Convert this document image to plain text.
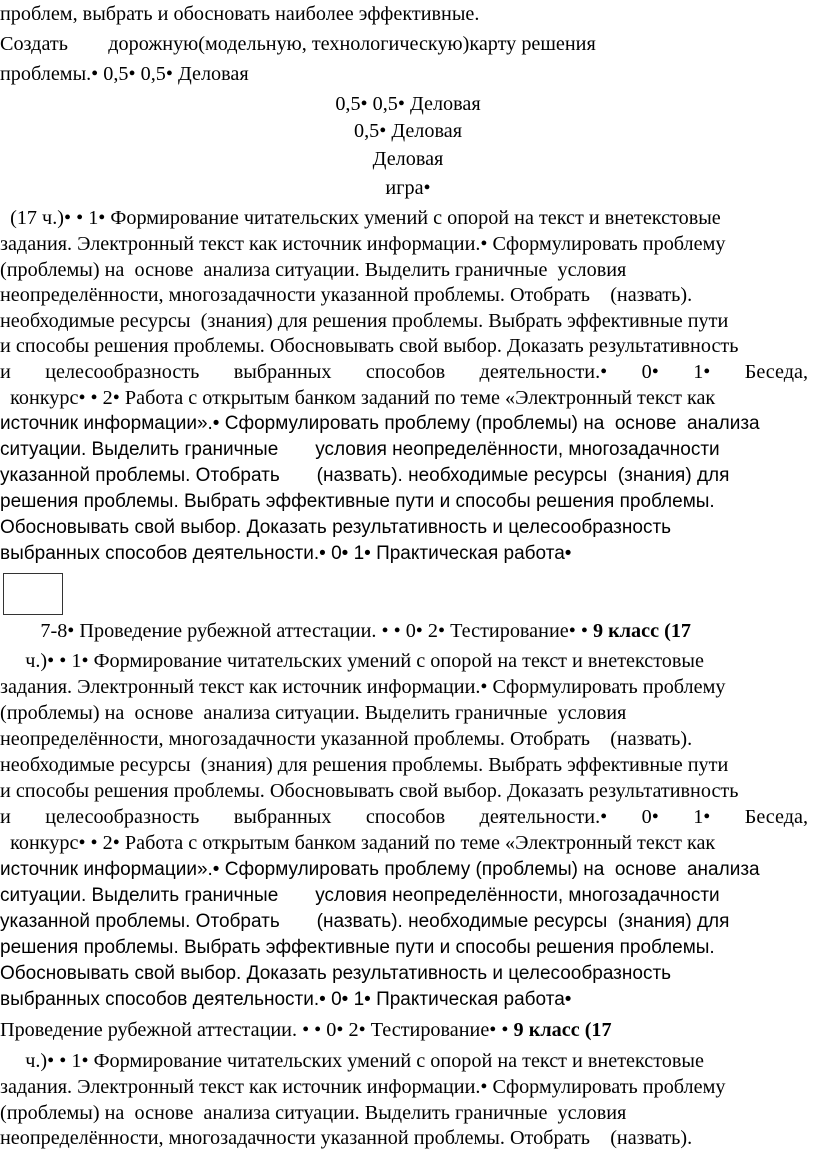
проблем, выбрать и обосновать наиболее эффективные.
Создать        дорожную(модельную, технологическую)карту решения
проблемы.• 0,5• 0,5• Деловая
0,5• 0,5• Деловая
0,5• Деловая
Деловая
игра•
(17 ч.)• • 1• Формирование читательских умений с опорой на текст и внетекстовые
задания. Электронный текст как источник информации.• Сформулировать проблему
(проблемы) на  основе  анализа ситуации. Выделить граничные  условия
неопределённости, многозадачности указанной проблемы. Отобрать    (назвать).
необходимые ресурсы  (знания) для решения проблемы. Выбрать эффективные пути
и способы решения проблемы. Обосновывать свой выбор. Доказать результативность
и целесообразность выбранных способов деятельности.• 0• 1• Беседа,
конкурс• • 2• Работа с открытым банком заданий по теме «Электронный текст как
источник информации».• Сформулировать проблему (проблемы) на  основе  анализа
ситуации. Выделить граничные       условия неопределённости, многозадачности
указанной проблемы. Отобрать       (назвать). необходимые ресурсы  (знания) для
решения проблемы. Выбрать эффективные пути и способы решения проблемы.
Обосновывать свой выбор. Доказать результативность и целесообразность
выбранных способов деятельности.• 0• 1• Практическая работа•
7-8• Проведение рубежной аттестации. • • 0• 2• Тестирование• • 9 класс (17
ч.)• • 1• Формирование читательских умений с опорой на текст и внетекстовые
задания. Электронный текст как источник информации.• Сформулировать проблему
(проблемы) на  основе  анализа ситуации. Выделить граничные  условия
неопределённости, многозадачности указанной проблемы. Отобрать    (назвать).
необходимые ресурсы  (знания) для решения проблемы. Выбрать эффективные пути
и способы решения проблемы. Обосновывать свой выбор. Доказать результативность
и целесообразность выбранных способов деятельности.• 0• 1• Беседа,
конкурс• • 2• Работа с открытым банком заданий по теме «Электронный текст как
источник информации».• Сформулировать проблему (проблемы) на  основе  анализа
ситуации. Выделить граничные       условия неопределённости, многозадачности
указанной проблемы. Отобрать       (назвать). необходимые ресурсы  (знания) для
решения проблемы. Выбрать эффективные пути и способы решения проблемы.
Обосновывать свой выбор. Доказать результативность и целесообразность
выбранных способов деятельности.• 0• 1• Практическая работа•
Проведение рубежной аттестации. • • 0• 2• Тестирование• • 9 класс (17
ч.)• • 1• Формирование читательских умений с опорой на текст и внетекстовые
задания. Электронный текст как источник информации.• Сформулировать проблему
(проблемы) на  основе  анализа ситуации. Выделить граничные  условия
неопределённости, многозадачности указанной проблемы. Отобрать    (назвать).
